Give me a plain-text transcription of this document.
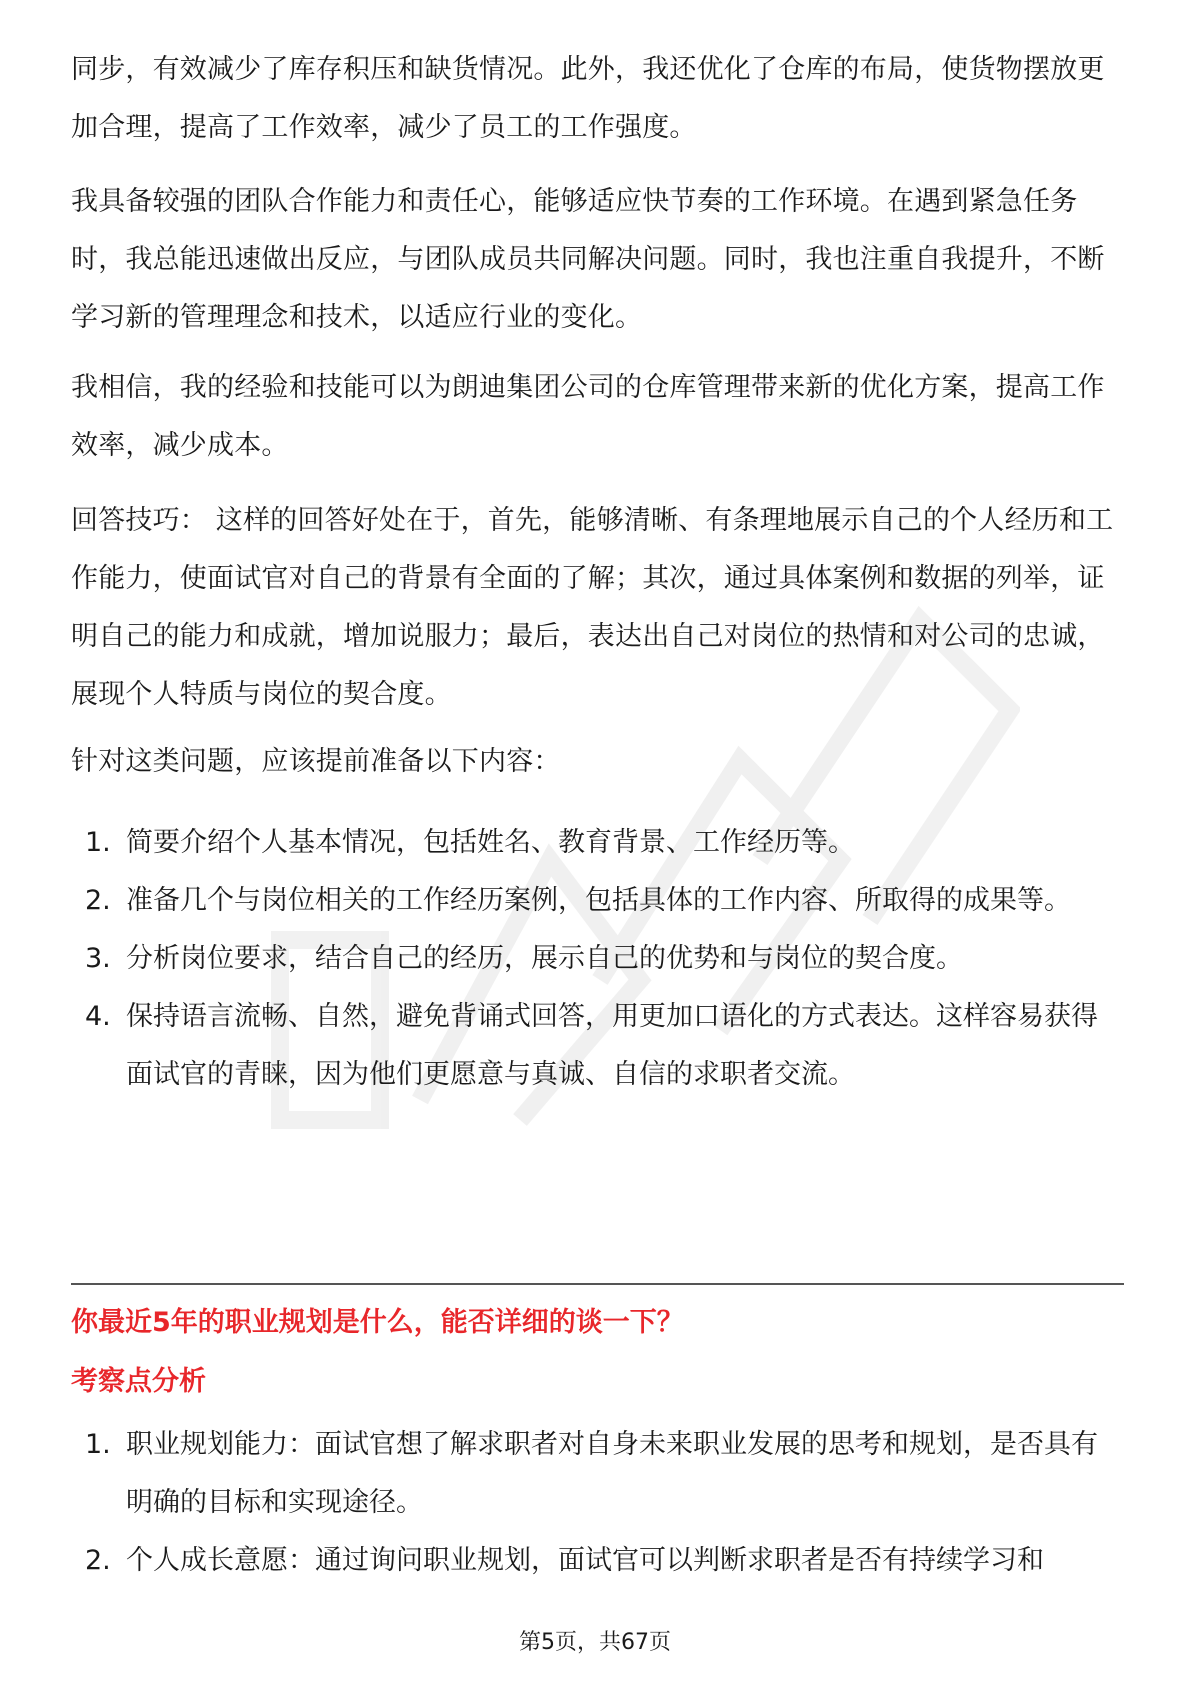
同步，有效减少了库存积压和缺货情况。此外，我还优化了仓库的布局，使货物摆放更加合理，提高了工作效率，减少了员工的工作强度。

我具备较强的团队合作能力和责任心，能够适应快节奏的工作环境。在遇到紧急任务时，我总能迅速做出反应，与团队成员共同解决问题。同时，我也注重自我提升，不断学习新的管理理念和技术，以适应行业的变化。

我相信，我的经验和技能可以为朗迪集团公司的仓库管理带来新的优化方案，提高工作效率，减少成本。

回答技巧： 这样的回答好处在于，首先，能够清晰、有条理地展示自己的个人经历和工作能力，使面试官对自己的背景有全面的了解；其次，通过具体案例和数据的列举，证明自己的能力和成就，增加说服力；最后，表达出自己对岗位的热情和对公司的忠诚，展现个人特质与岗位的契合度。

针对这类问题，应该提前准备以下内容：

1. 简要介绍个人基本情况，包括姓名、教育背景、工作经历等。
2. 准备几个与岗位相关的工作经历案例，包括具体的工作内容、所取得的成果等。
3. 分析岗位要求，结合自己的经历，展示自己的优势和与岗位的契合度。
4. 保持语言流畅、自然，避免背诵式回答，用更加口语化的方式表达。这样容易获得面试官的青睐，因为他们更愿意与真诚、自信的求职者交流。

你最近5年的职业规划是什么，能否详细的谈一下？

考察点分析

1. 职业规划能力：面试官想了解求职者对自身未来职业发展的思考和规划，是否具有明确的目标和实现途径。
2. 个人成长意愿：通过询问职业规划，面试官可以判断求职者是否有持续学习和
第5页，共67页
